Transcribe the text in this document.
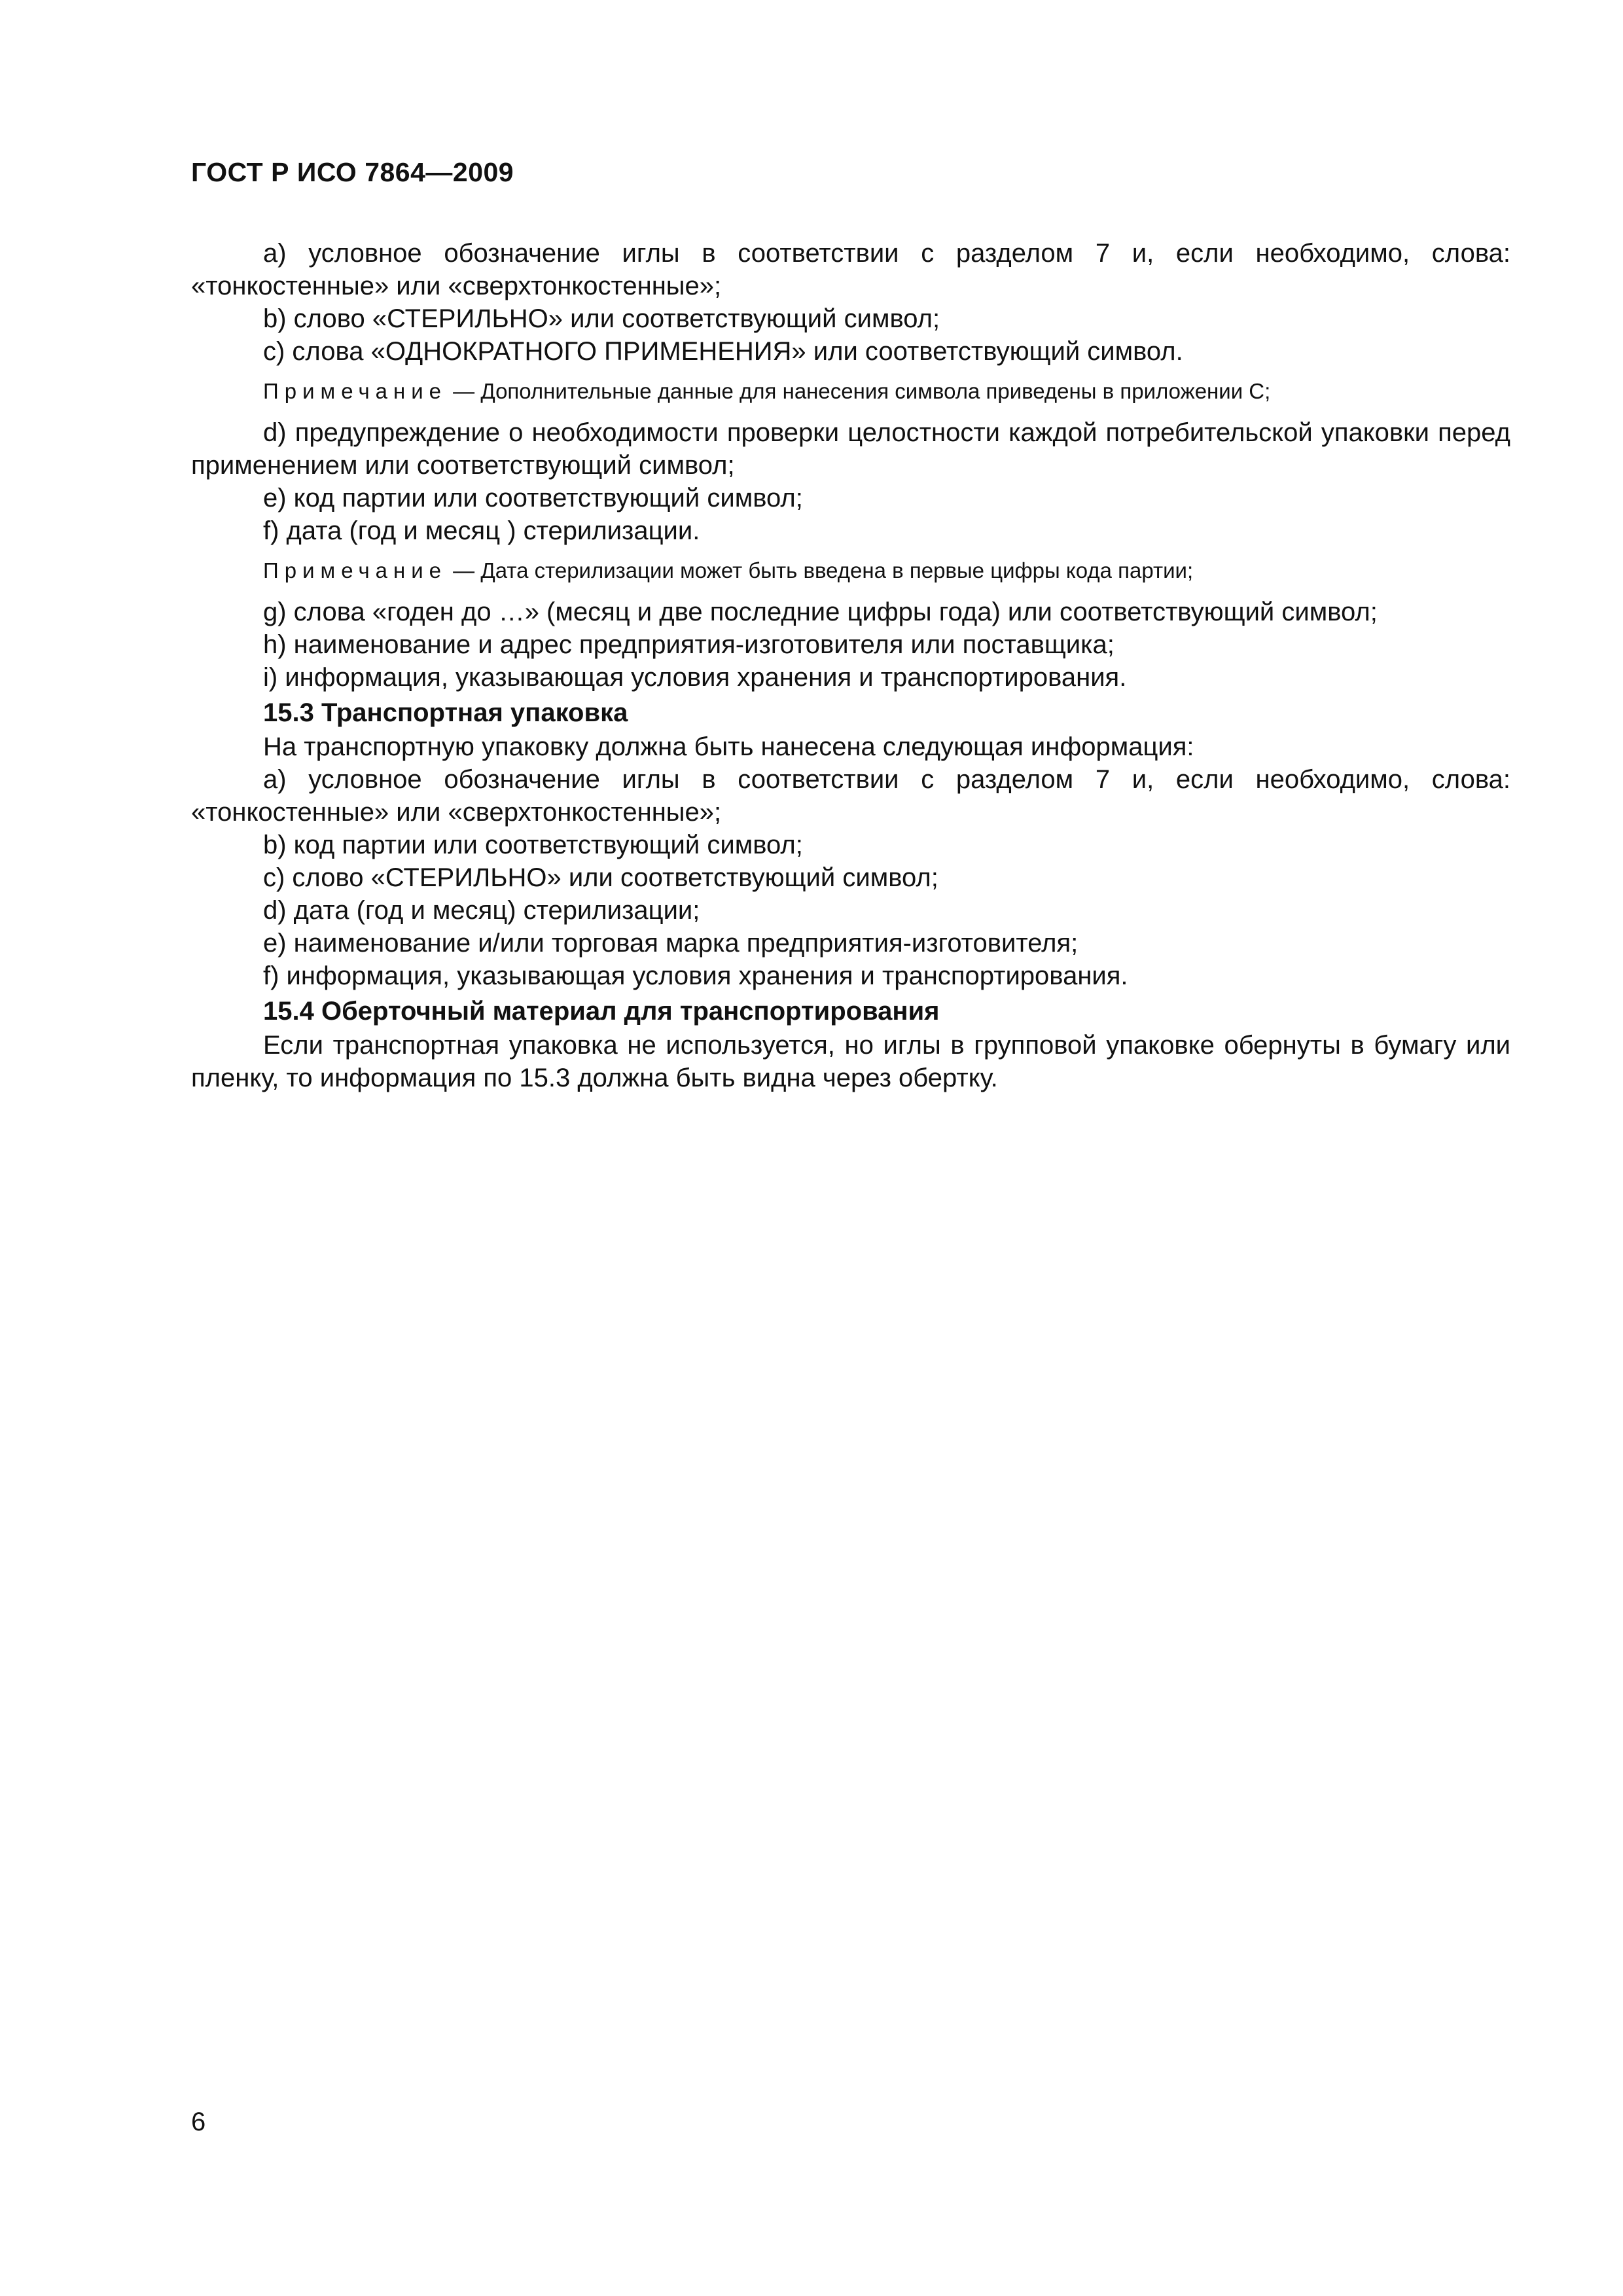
ГОСТ Р ИСО 7864—2009

a) условное обозначение иглы в соответствии с разделом 7 и, если необходимо, слова: «тонкостенные» или «сверхтонкостенные»;

b) слово «СТЕРИЛЬНО» или соответствующий символ;

c) слова «ОДНОКРАТНОГО ПРИМЕНЕНИЯ» или соответствующий символ.

Примечание — Дополнительные данные для нанесения символа приведены в приложении С;

d) предупреждение о необходимости проверки целостности каждой потребительской упаковки перед применением или соответствующий символ;

e) код партии или соответствующий символ;

f) дата (год и месяц ) стерилизации.

Примечание — Дата стерилизации может быть введена в первые цифры кода партии;

g) слова «годен до …» (месяц и две последние цифры года) или соответствующий символ;

h) наименование и адрес предприятия-изготовителя или поставщика;

i) информация, указывающая условия хранения и транспортирования.

15.3 Транспортная упаковка

На транспортную упаковку должна быть нанесена следующая информация:

a) условное обозначение иглы в соответствии с разделом 7 и, если необходимо, слова: «тонкостенные» или «сверхтонкостенные»;

b) код партии или соответствующий символ;

c) слово «СТЕРИЛЬНО» или соответствующий символ;

d) дата (год и месяц) стерилизации;

e) наименование и/или торговая марка предприятия-изготовителя;

f) информация, указывающая условия хранения и транспортирования.

15.4 Оберточный материал для транспортирования

Если транспортная упаковка не используется, но иглы в групповой упаковке обернуты в бумагу или пленку, то информация по 15.3 должна быть видна через обертку.

6
